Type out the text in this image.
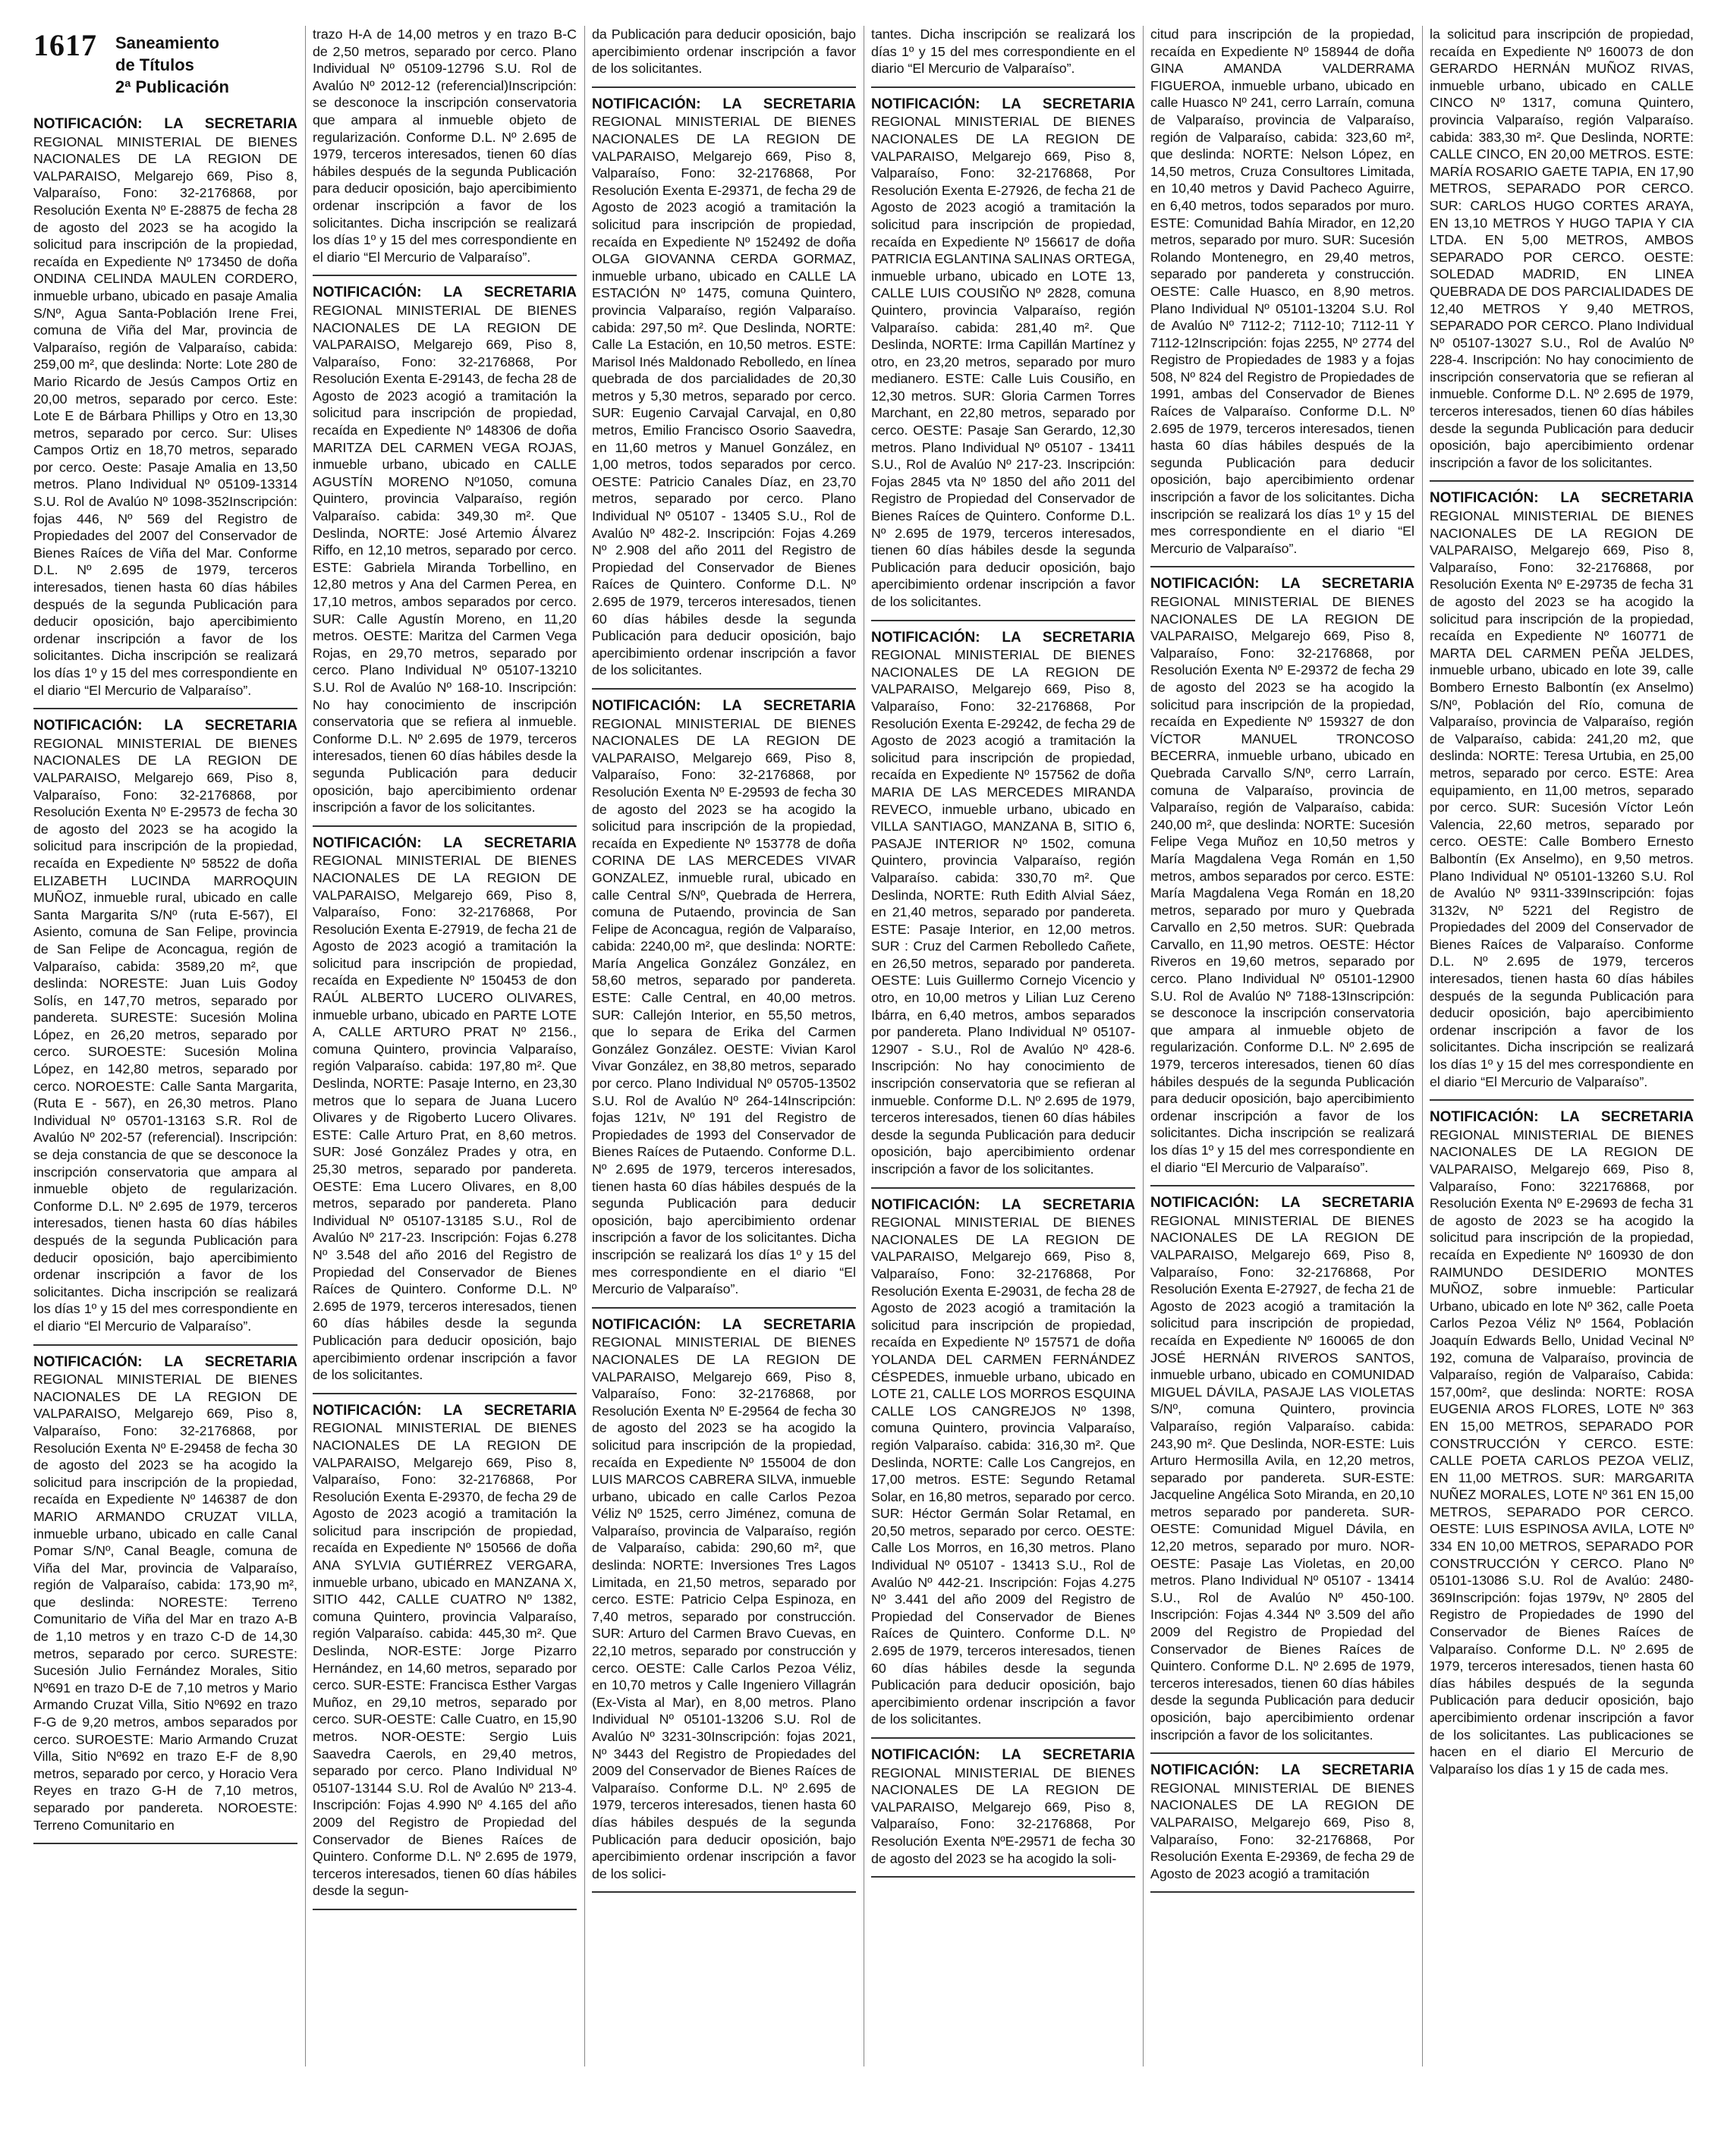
1617 Saneamiento
de Títulos
2ª Publicación

NOTIFICACIÓN: LA SECRETARIA REGIONAL MINISTERIAL DE BIENES NACIONALES DE LA REGION DE VALPARAISO, Melgarejo 669, Piso 8, Valparaíso, Fono: 32-2176868, por Resolución Exenta Nº E-28875 de fecha 28 de agosto del 2023 se ha acogido la solicitud para inscripción de la propiedad, recaída en Expediente Nº 173450 de doña ONDINA CELINDA MAULEN CORDERO, inmueble urbano, ubicado en pasaje Amalia S/Nº, Agua Santa-Población Irene Frei, comuna de Viña del Mar, provincia de Valparaíso, región de Valparaíso, cabida: 259,00 m², que deslinda: Norte: Lote 280 de Mario Ricardo de Jesús Campos Ortiz en 20,00 metros, separado por cerco. Este: Lote E de Bárbara Phillips y Otro en 13,30 metros, separado por cerco. Sur: Ulises Campos Ortiz en 18,70 metros, separado por cerco. Oeste: Pasaje Amalia en 13,50 metros. Plano Individual Nº 05109-13314 S.U. Rol de Avalúo Nº 1098-352Inscripción: fojas 446, Nº 569 del Registro de Propiedades del 2007 del Conservador de Bienes Raíces de Viña del Mar. Conforme D.L. Nº 2.695 de 1979, terceros interesados, tienen hasta 60 días hábiles después de la segunda Publicación para deducir oposición, bajo apercibimiento ordenar inscripción a favor de los solicitantes. Dicha inscripción se realizará los días 1º y 15 del mes correspondiente en el diario “El Mercurio de Valparaíso”.

NOTIFICACIÓN: LA SECRETARIA REGIONAL MINISTERIAL DE BIENES NACIONALES DE LA REGION DE VALPARAISO, Melgarejo 669, Piso 8, Valparaíso, Fono: 32-2176868, por Resolución Exenta Nº E-29573 de fecha 30 de agosto del 2023 se ha acogido la solicitud para inscripción de la propiedad, recaída en Expediente Nº 58522 de doña ELIZABETH LUCINDA MARROQUIN MUÑOZ, inmueble rural, ubicado en calle Santa Margarita S/Nº (ruta E-567), El Asiento, comuna de San Felipe, provincia de San Felipe de Aconcagua, región de Valparaíso, cabida: 3589,20 m², que deslinda: NORESTE: Juan Luis Godoy Solís, en 147,70 metros, separado por pandereta. SURESTE: Sucesión Molina López, en 26,20 metros, separado por cerco. SUROESTE: Sucesión Molina López, en 142,80 metros, separado por cerco. NOROESTE: Calle Santa Margarita, (Ruta E - 567), en 26,30 metros. Plano Individual Nº 05701-13163 S.R. Rol de Avalúo Nº 202-57 (referencial). Inscripción: se deja constancia de que se desconoce la inscripción conservatoria que ampara al inmueble objeto de regularización. Conforme D.L. Nº 2.695 de 1979, terceros interesados, tienen hasta 60 días hábiles después de la segunda Publicación para deducir oposición, bajo apercibimiento ordenar inscripción a favor de los solicitantes. Dicha inscripción se realizará los días 1º y 15 del mes correspondiente en el diario “El Mercurio de Valparaíso”.

NOTIFICACIÓN: LA SECRETARIA REGIONAL MINISTERIAL DE BIENES NACIONALES DE LA REGION DE VALPARAISO, Melgarejo 669, Piso 8, Valparaíso, Fono: 32-2176868, por Resolución Exenta Nº E-29458 de fecha 30 de agosto del 2023 se ha acogido la solicitud para inscripción de la propiedad, recaída en Expediente Nº 146387 de don MARIO ARMANDO CRUZAT VILLA, inmueble urbano, ubicado en calle Canal Pomar S/Nº, Canal Beagle, comuna de Viña del Mar, provincia de Valparaíso, región de Valparaíso, cabida: 173,90 m², que deslinda: NORESTE: Terreno Comunitario de Viña del Mar en trazo A-B de 1,10 metros y en trazo C-D de 14,30 metros, separado por cerco. SURESTE: Sucesión Julio Fernández Morales, Sitio Nº691 en trazo D-E de 7,10 metros y Mario Armando Cruzat Villa, Sitio Nº692 en trazo F-G de 9,20 metros, ambos separados por cerco. SUROESTE: Mario Armando Cruzat Villa, Sitio Nº692 en trazo E-F de 8,90 metros, separado por cerco, y Horacio Vera Reyes en trazo G-H de 7,10 metros, separado por pandereta. NOROESTE: Terreno Comunitario en

trazo H-A de 14,00 metros y en trazo B-C de 2,50 metros, separado por cerco. Plano Individual Nº 05109-12796 S.U. Rol de Avalúo Nº 2012-12 (referencial)Inscripción: se desconoce la inscripción conservatoria que ampara al inmueble objeto de regularización. Conforme D.L. Nº 2.695 de 1979, terceros interesados, tienen 60 días hábiles después de la segunda Publicación para deducir oposición, bajo apercibimiento ordenar inscripción a favor de los solicitantes. Dicha inscripción se realizará los días 1º y 15 del mes correspondiente en el diario “El Mercurio de Valparaíso”.

NOTIFICACIÓN: LA SECRETARIA REGIONAL MINISTERIAL DE BIENES NACIONALES DE LA REGION DE VALPARAISO, Melgarejo 669, Piso 8, Valparaíso, Fono: 32-2176868, Por Resolución Exenta E-29143, de fecha 28 de Agosto de 2023 acogió a tramitación la solicitud para inscripción de propiedad, recaída en Expediente Nº 148306 de doña MARITZA DEL CARMEN VEGA ROJAS, inmueble urbano, ubicado en CALLE AGUSTÍN MORENO Nº1050, comuna Quintero, provincia Valparaíso, región Valparaíso. cabida: 349,30 m². Que Deslinda, NORTE: José Artemio Álvarez Riffo, en 12,10 metros, separado por cerco. ESTE: Gabriela Miranda Torbellino, en 12,80 metros y Ana del Carmen Perea, en 17,10 metros, ambos separados por cerco. SUR: Calle Agustín Moreno, en 11,20 metros. OESTE: Maritza del Carmen Vega Rojas, en 29,70 metros, separado por cerco. Plano Individual Nº 05107-13210 S.U. Rol de Avalúo Nº 168-10. Inscripción: No hay conocimiento de inscripción conservatoria que se refiera al inmueble. Conforme D.L. Nº 2.695 de 1979, terceros interesados, tienen 60 días hábiles desde la segunda Publicación para deducir oposición, bajo apercibimiento ordenar inscripción a favor de los solicitantes.

NOTIFICACIÓN: LA SECRETARIA REGIONAL MINISTERIAL DE BIENES NACIONALES DE LA REGION DE VALPARAISO, Melgarejo 669, Piso 8, Valparaíso, Fono: 32-2176868, Por Resolución Exenta E-27919, de fecha 21 de Agosto de 2023 acogió a tramitación la solicitud para inscripción de propiedad, recaída en Expediente Nº 150453 de don RAÚL ALBERTO LUCERO OLIVARES, inmueble urbano, ubicado en PARTE LOTE A, CALLE ARTURO PRAT Nº 2156., comuna Quintero, provincia Valparaíso, región Valparaíso. cabida: 197,80 m². Que Deslinda, NORTE: Pasaje Interno, en 23,30 metros que lo separa de Juana Lucero Olivares y de Rigoberto Lucero Olivares. ESTE: Calle Arturo Prat, en 8,60 metros. SUR: José González Prades y otra, en 25,30 metros, separado por pandereta. OESTE: Ema Lucero Olivares, en 8,00 metros, separado por pandereta. Plano Individual Nº 05107-13185 S.U., Rol de Avalúo Nº 217-23. Inscripción: Fojas 6.278 Nº 3.548 del año 2016 del Registro de Propiedad del Conservador de Bienes Raíces de Quintero. Conforme D.L. Nº 2.695 de 1979, terceros interesados, tienen 60 días hábiles desde la segunda Publicación para deducir oposición, bajo apercibimiento ordenar inscripción a favor de los solicitantes.

NOTIFICACIÓN: LA SECRETARIA REGIONAL MINISTERIAL DE BIENES NACIONALES DE LA REGION DE VALPARAISO, Melgarejo 669, Piso 8, Valparaíso, Fono: 32-2176868, Por Resolución Exenta E-29370, de fecha 29 de Agosto de 2023 acogió a tramitación la solicitud para inscripción de propiedad, recaída en Expediente Nº 150566 de doña ANA SYLVIA GUTIÉRREZ VERGARA, inmueble urbano, ubicado en MANZANA X, SITIO 442, CALLE CUATRO Nº 1382, comuna Quintero, provincia Valparaíso, región Valparaíso. cabida: 445,30 m². Que Deslinda, NOR-ESTE: Jorge Pizarro Hernández, en 14,60 metros, separado por cerco. SUR-ESTE: Francisca Esther Vargas Muñoz, en 29,10 metros, separado por cerco. SUR-OESTE: Calle Cuatro, en 15,90 metros. NOR-OESTE: Sergio Luis Saavedra Caerols, en 29,40 metros, separado por cerco. Plano Individual Nº 05107-13144 S.U. Rol de Avalúo Nº 213-4. Inscripción: Fojas 4.990 Nº 4.165 del año 2009 del Registro de Propiedad del Conservador de Bienes Raíces de Quintero. Conforme D.L. Nº 2.695 de 1979, terceros interesados, tienen 60 días hábiles desde la segun-

da Publicación para deducir oposición, bajo apercibimiento ordenar inscripción a favor de los solicitantes.

NOTIFICACIÓN: LA SECRETARIA REGIONAL MINISTERIAL DE BIENES NACIONALES DE LA REGION DE VALPARAISO, Melgarejo 669, Piso 8, Valparaíso, Fono: 32-2176868, Por Resolución Exenta E-29371, de fecha 29 de Agosto de 2023 acogió a tramitación la solicitud para inscripción de propiedad, recaída en Expediente Nº 152492 de doña OLGA GIOVANNA CERDA GORMAZ, inmueble urbano, ubicado en CALLE LA ESTACIÓN Nº 1475, comuna Quintero, provincia Valparaíso, región Valparaíso. cabida: 297,50 m². Que Deslinda, NORTE: Calle La Estación, en 10,50 metros. ESTE: Marisol Inés Maldonado Rebolledo, en línea quebrada de dos parcialidades de 20,30 metros y 5,30 metros, separado por cerco. SUR: Eugenio Carvajal Carvajal, en 0,80 metros, Emilio Francisco Osorio Saavedra, en 11,60 metros y Manuel González, en 1,00 metros, todos separados por cerco. OESTE: Patricio Canales Díaz, en 23,70 metros, separado por cerco. Plano Individual Nº 05107 - 13405 S.U., Rol de Avalúo Nº 482-2. Inscripción: Fojas 4.269 Nº 2.908 del año 2011 del Registro de Propiedad del Conservador de Bienes Raíces de Quintero. Conforme D.L. Nº 2.695 de 1979, terceros interesados, tienen 60 días hábiles desde la segunda Publicación para deducir oposición, bajo apercibimiento ordenar inscripción a favor de los solicitantes.

NOTIFICACIÓN: LA SECRETARIA REGIONAL MINISTERIAL DE BIENES NACIONALES DE LA REGION DE VALPARAISO, Melgarejo 669, Piso 8, Valparaíso, Fono: 32-2176868, por Resolución Exenta Nº E-29593 de fecha 30 de agosto del 2023 se ha acogido la solicitud para inscripción de la propiedad, recaída en Expediente Nº 153778 de doña CORINA DE LAS MERCEDES VIVAR GONZALEZ, inmueble rural, ubicado en calle Central S/Nº, Quebrada de Herrera, comuna de Putaendo, provincia de San Felipe de Aconcagua, región de Valparaíso, cabida: 2240,00 m², que deslinda: NORTE: María Angelica González González, en 58,60 metros, separado por pandereta. ESTE: Calle Central, en 40,00 metros. SUR: Callejón Interior, en 55,50 metros, que lo separa de Erika del Carmen González González. OESTE: Vivian Karol Vivar González, en 38,80 metros, separado por cerco. Plano Individual Nº 05705-13502 S.U. Rol de Avalúo Nº 264-14Inscripción: fojas 121v, Nº 191 del Registro de Propiedades de 1993 del Conservador de Bienes Raíces de Putaendo. Conforme D.L. Nº 2.695 de 1979, terceros interesados, tienen hasta 60 días hábiles después de la segunda Publicación para deducir oposición, bajo apercibimiento ordenar inscripción a favor de los solicitantes. Dicha inscripción se realizará los días 1º y 15 del mes correspondiente en el diario “El Mercurio de Valparaíso”.

NOTIFICACIÓN: LA SECRETARIA REGIONAL MINISTERIAL DE BIENES NACIONALES DE LA REGION DE VALPARAISO, Melgarejo 669, Piso 8, Valparaíso, Fono: 32-2176868, por Resolución Exenta Nº E-29564 de fecha 30 de agosto del 2023 se ha acogido la solicitud para inscripción de la propiedad, recaída en Expediente Nº 155004 de don LUIS MARCOS CABRERA SILVA, inmueble urbano, ubicado en calle Carlos Pezoa Véliz Nº 1525, cerro Jiménez, comuna de Valparaíso, provincia de Valparaíso, región de Valparaíso, cabida: 290,60 m², que deslinda: NORTE: Inversiones Tres Lagos Limitada, en 21,50 metros, separado por cerco. ESTE: Patricio Celpa Espinoza, en 7,40 metros, separado por construcción. SUR: Arturo del Carmen Bravo Cuevas, en 22,10 metros, separado por construcción y cerco. OESTE: Calle Carlos Pezoa Véliz, en 10,70 metros y Calle Ingeniero Villagrán (Ex-Vista al Mar), en 8,00 metros. Plano Individual Nº 05101-13206 S.U. Rol de Avalúo Nº 3231-30Inscripción: fojas 2021, Nº 3443 del Registro de Propiedades del 2009 del Conservador de Bienes Raíces de Valparaíso. Conforme D.L. Nº 2.695 de 1979, terceros interesados, tienen hasta 60 días hábiles después de la segunda Publicación para deducir oposición, bajo apercibimiento ordenar inscripción a favor de los solici-

tantes. Dicha inscripción se realizará los días 1º y 15 del mes correspondiente en el diario “El Mercurio de Valparaíso”.

NOTIFICACIÓN: LA SECRETARIA REGIONAL MINISTERIAL DE BIENES NACIONALES DE LA REGION DE VALPARAISO, Melgarejo 669, Piso 8, Valparaíso, Fono: 32-2176868, Por Resolución Exenta E-27926, de fecha 21 de Agosto de 2023 acogió a tramitación la solicitud para inscripción de propiedad, recaída en Expediente Nº 156617 de doña PATRICIA EGLANTINA SALINAS ORTEGA, inmueble urbano, ubicado en LOTE 13, CALLE LUIS COUSIÑO Nº 2828, comuna Quintero, provincia Valparaíso, región Valparaíso. cabida: 281,40 m². Que Deslinda, NORTE: Irma Capillán Martínez y otro, en 23,20 metros, separado por muro medianero. ESTE: Calle Luis Cousiño, en 12,30 metros. SUR: Gloria Carmen Torres Marchant, en 22,80 metros, separado por cerco. OESTE: Pasaje San Gerardo, 12,30 metros. Plano Individual Nº 05107 - 13411 S.U., Rol de Avalúo Nº 217-23. Inscripción: Fojas 2845 vta Nº 1850 del año 2011 del Registro de Propiedad del Conservador de Bienes Raíces de Quintero. Conforme D.L. Nº 2.695 de 1979, terceros interesados, tienen 60 días hábiles desde la segunda Publicación para deducir oposición, bajo apercibimiento ordenar inscripción a favor de los solicitantes.

NOTIFICACIÓN: LA SECRETARIA REGIONAL MINISTERIAL DE BIENES NACIONALES DE LA REGION DE VALPARAISO, Melgarejo 669, Piso 8, Valparaíso, Fono: 32-2176868, Por Resolución Exenta E-29242, de fecha 29 de Agosto de 2023 acogió a tramitación la solicitud para inscripción de propiedad, recaída en Expediente Nº 157562 de doña MARIA DE LAS MERCEDES MIRANDA REVECO, inmueble urbano, ubicado en VILLA SANTIAGO, MANZANA B, SITIO 6, PASAJE INTERIOR Nº 1502, comuna Quintero, provincia Valparaíso, región Valparaíso. cabida: 330,70 m². Que Deslinda, NORTE: Ruth Edith Alvial Sáez, en 21,40 metros, separado por pandereta. ESTE: Pasaje Interior, en 12,00 metros. SUR : Cruz del Carmen Rebolledo Cañete, en 26,50 metros, separado por pandereta. OESTE: Luis Guillermo Cornejo Vicencio y otro, en 10,00 metros y Lilian Luz Cereno Ibárra, en 6,40 metros, ambos separados por pandereta. Plano Individual Nº 05107-12907 - S.U., Rol de Avalúo Nº 428-6. Inscripción: No hay conocimiento de inscripción conservatoria que se refieran al inmueble. Conforme D.L. Nº 2.695 de 1979, terceros interesados, tienen 60 días hábiles desde la segunda Publicación para deducir oposición, bajo apercibimiento ordenar inscripción a favor de los solicitantes.

NOTIFICACIÓN: LA SECRETARIA REGIONAL MINISTERIAL DE BIENES NACIONALES DE LA REGION DE VALPARAISO, Melgarejo 669, Piso 8, Valparaíso, Fono: 32-2176868, Por Resolución Exenta E-29031, de fecha 28 de Agosto de 2023 acogió a tramitación la solicitud para inscripción de propiedad, recaída en Expediente Nº 157571 de doña YOLANDA DEL CARMEN FERNÁNDEZ CÉSPEDES, inmueble urbano, ubicado en LOTE 21, CALLE LOS MORROS ESQUINA CALLE LOS CANGREJOS Nº 1398, comuna Quintero, provincia Valparaíso, región Valparaíso. cabida: 316,30 m². Que Deslinda, NORTE: Calle Los Cangrejos, en 17,00 metros. ESTE: Segundo Retamal Solar, en 16,80 metros, separado por cerco. SUR: Héctor Germán Solar Retamal, en 20,50 metros, separado por cerco. OESTE: Calle Los Morros, en 16,30 metros. Plano Individual Nº 05107 - 13413 S.U., Rol de Avalúo Nº 442-21. Inscripción: Fojas 4.275 Nº 3.441 del año 2009 del Registro de Propiedad del Conservador de Bienes Raíces de Quintero. Conforme D.L. Nº 2.695 de 1979, terceros interesados, tienen 60 días hábiles desde la segunda Publicación para deducir oposición, bajo apercibimiento ordenar inscripción a favor de los solicitantes.

NOTIFICACIÓN: LA SECRETARIA REGIONAL MINISTERIAL DE BIENES NACIONALES DE LA REGION DE VALPARAISO, Melgarejo 669, Piso 8, Valparaíso, Fono: 32-2176868, Por Resolución Exenta NºE-29571 de fecha 30 de agosto del 2023 se ha acogido la soli-

citud para inscripción de la propiedad, recaída en Expediente Nº 158944 de doña GINA AMANDA VALDERRAMA FIGUEROA, inmueble urbano, ubicado en calle Huasco Nº 241, cerro Larraín, comuna de Valparaíso, provincia de Valparaíso, región de Valparaíso, cabida: 323,60 m², que deslinda: NORTE: Nelson López, en 14,50 metros, Cruza Consultores Limitada, en 10,40 metros y David Pacheco Aguirre, en 6,40 metros, todos separados por muro. ESTE: Comunidad Bahía Mirador, en 12,20 metros, separado por muro. SUR: Sucesión Rolando Montenegro, en 29,40 metros, separado por pandereta y construcción. OESTE: Calle Huasco, en 8,90 metros. Plano Individual Nº 05101-13204 S.U. Rol de Avalúo Nº 7112-2; 7112-10; 7112-11 Y 7112-12Inscripción: fojas 2255, Nº 2774 del Registro de Propiedades de 1983 y a fojas 508, Nº 824 del Registro de Propiedades de 1991, ambas del Conservador de Bienes Raíces de Valparaíso. Conforme D.L. Nº 2.695 de 1979, terceros interesados, tienen hasta 60 días hábiles después de la segunda Publicación para deducir oposición, bajo apercibimiento ordenar inscripción a favor de los solicitantes. Dicha inscripción se realizará los días 1º y 15 del mes correspondiente en el diario “El Mercurio de Valparaíso”.

NOTIFICACIÓN: LA SECRETARIA REGIONAL MINISTERIAL DE BIENES NACIONALES DE LA REGION DE VALPARAISO, Melgarejo 669, Piso 8, Valparaíso, Fono: 32-2176868, por Resolución Exenta Nº E-29372 de fecha 29 de agosto del 2023 se ha acogido la solicitud para inscripción de la propiedad, recaída en Expediente Nº 159327 de don VÍCTOR MANUEL TRONCOSO BECERRA, inmueble urbano, ubicado en Quebrada Carvallo S/Nº, cerro Larraín, comuna de Valparaíso, provincia de Valparaíso, región de Valparaíso, cabida: 240,00 m², que deslinda: NORTE: Sucesión Felipe Vega Muñoz en 10,50 metros y María Magdalena Vega Román en 1,50 metros, ambos separados por cerco. ESTE: María Magdalena Vega Román en 18,20 metros, separado por muro y Quebrada Carvallo en 2,50 metros. SUR: Quebrada Carvallo, en 11,90 metros. OESTE: Héctor Riveros en 19,60 metros, separado por cerco. Plano Individual Nº 05101-12900 S.U. Rol de Avalúo Nº 7188-13Inscripción: se desconoce la inscripción conservatoria que ampara al inmueble objeto de regularización. Conforme D.L. Nº 2.695 de 1979, terceros interesados, tienen 60 días hábiles después de la segunda Publicación para deducir oposición, bajo apercibimiento ordenar inscripción a favor de los solicitantes. Dicha inscripción se realizará los días 1º y 15 del mes correspondiente en el diario “El Mercurio de Valparaíso”.

NOTIFICACIÓN: LA SECRETARIA REGIONAL MINISTERIAL DE BIENES NACIONALES DE LA REGION DE VALPARAISO, Melgarejo 669, Piso 8, Valparaíso, Fono: 32-2176868, Por Resolución Exenta E-27927, de fecha 21 de Agosto de 2023 acogió a tramitación la solicitud para inscripción de propiedad, recaída en Expediente Nº 160065 de don JOSÉ HERNÁN RIVEROS SANTOS, inmueble urbano, ubicado en COMUNIDAD MIGUEL DÁVILA, PASAJE LAS VIOLETAS S/Nº, comuna Quintero, provincia Valparaíso, región Valparaíso. cabida: 243,90 m². Que Deslinda, NOR-ESTE: Luis Arturo Hermosilla Avila, en 12,20 metros, separado por pandereta. SUR-ESTE: Jacqueline Angélica Soto Miranda, en 20,10 metros separado por pandereta. SUR-OESTE: Comunidad Miguel Dávila, en 12,20 metros, separado por muro. NOR-OESTE: Pasaje Las Violetas, en 20,00 metros. Plano Individual Nº 05107 - 13414 S.U., Rol de Avalúo Nº 450-100. Inscripción: Fojas 4.344 Nº 3.509 del año 2009 del Registro de Propiedad del Conservador de Bienes Raíces de Quintero. Conforme D.L. Nº 2.695 de 1979, terceros interesados, tienen 60 días hábiles desde la segunda Publicación para deducir oposición, bajo apercibimiento ordenar inscripción a favor de los solicitantes.

NOTIFICACIÓN: LA SECRETARIA REGIONAL MINISTERIAL DE BIENES NACIONALES DE LA REGION DE VALPARAISO, Melgarejo 669, Piso 8, Valparaíso, Fono: 32-2176868, Por Resolución Exenta E-29369, de fecha 29 de Agosto de 2023 acogió a tramitación

la solicitud para inscripción de propiedad, recaída en Expediente Nº 160073 de don GERARDO HERNÁN MUÑOZ RIVAS, inmueble urbano, ubicado en CALLE CINCO Nº 1317, comuna Quintero, provincia Valparaíso, región Valparaíso. cabida: 383,30 m². Que Deslinda, NORTE: CALLE CINCO, EN 20,00 METROS. ESTE: MARÍA ROSARIO GAETE TAPIA, EN 17,90 METROS, SEPARADO POR CERCO. SUR: CARLOS HUGO CORTES ARAYA, EN 13,10 METROS Y HUGO TAPIA Y CIA LTDA. EN 5,00 METROS, AMBOS SEPARADO POR CERCO. OESTE: SOLEDAD MADRID, EN LINEA QUEBRADA DE DOS PARCIALIDADES DE 12,40 METROS Y 9,40 METROS, SEPARADO POR CERCO. Plano Individual Nº 05107-13027 S.U., Rol de Avalúo Nº 228-4. Inscripción: No hay conocimiento de inscripción conservatoria que se refieran al inmueble. Conforme D.L. Nº 2.695 de 1979, terceros interesados, tienen 60 días hábiles desde la segunda Publicación para deducir oposición, bajo apercibimiento ordenar inscripción a favor de los solicitantes.

NOTIFICACIÓN: LA SECRETARIA REGIONAL MINISTERIAL DE BIENES NACIONALES DE LA REGION DE VALPARAISO, Melgarejo 669, Piso 8, Valparaíso, Fono: 32-2176868, por Resolución Exenta Nº E-29735 de fecha 31 de agosto del 2023 se ha acogido la solicitud para inscripción de la propiedad, recaída en Expediente Nº 160771 de MARTA DEL CARMEN PEÑA JELDES, inmueble urbano, ubicado en lote 39, calle Bombero Ernesto Balbontín (ex Anselmo) S/Nº, Población del Río, comuna de Valparaíso, provincia de Valparaíso, región de Valparaíso, cabida: 241,20 m2, que deslinda: NORTE: Teresa Urtubia, en 25,00 metros, separado por cerco. ESTE: Area equipamiento, en 11,00 metros, separado por cerco. SUR: Sucesión Víctor León Valencia, 22,60 metros, separado por cerco. OESTE: Calle Bombero Ernesto Balbontín (Ex Anselmo), en 9,50 metros. Plano Individual Nº 05101-13260 S.U. Rol de Avalúo Nº 9311-339Inscripción: fojas 3132v, Nº 5221 del Registro de Propiedades del 2009 del Conservador de Bienes Raíces de Valparaíso. Conforme D.L. Nº 2.695 de 1979, terceros interesados, tienen hasta 60 días hábiles después de la segunda Publicación para deducir oposición, bajo apercibimiento ordenar inscripción a favor de los solicitantes. Dicha inscripción se realizará los días 1º y 15 del mes correspondiente en el diario “El Mercurio de Valparaíso”.

NOTIFICACIÓN: LA SECRETARIA REGIONAL MINISTERIAL DE BIENES NACIONALES DE LA REGION DE VALPARAISO, Melgarejo 669, Piso 8, Valparaíso, Fono: 322176868, por Resolución Exenta Nº E-29693 de fecha 31 de agosto de 2023 se ha acogido la solicitud para inscripción de la propiedad, recaída en Expediente Nº 160930 de don RAIMUNDO DESIDERIO MONTES MUÑOZ, sobre inmueble: Particular Urbano, ubicado en lote Nº 362, calle Poeta Carlos Pezoa Véliz Nº 1564, Población Joaquín Edwards Bello, Unidad Vecinal Nº 192, comuna de Valparaíso, provincia de Valparaíso, región de Valparaíso, Cabida: 157,00m², que deslinda: NORTE: ROSA EUGENIA AROS FLORES, LOTE Nº 363 EN 15,00 METROS, SEPARADO POR CONSTRUCCIÓN Y CERCO. ESTE: CALLE POETA CARLOS PEZOA VELIZ, EN 11,00 METROS. SUR: MARGARITA NUÑEZ MORALES, LOTE Nº 361 EN 15,00 METROS, SEPARADO POR CERCO. OESTE: LUIS ESPINOSA AVILA, LOTE Nº 334 EN 10,00 METROS, SEPARADO POR CONSTRUCCIÓN Y CERCO. Plano Nº 05101-13086 S.U. Rol de Avalúo: 2480-369Inscripción: fojas 1979v, Nº 2805 del Registro de Propiedades de 1990 del Conservador de Bienes Raíces de Valparaíso. Conforme D.L. Nº 2.695 de 1979, terceros interesados, tienen hasta 60 días hábiles después de la segunda Publicación para deducir oposición, bajo apercibimiento ordenar inscripción a favor de los solicitantes. Las publicaciones se hacen en el diario El Mercurio de Valparaíso los días 1 y 15 de cada mes.
